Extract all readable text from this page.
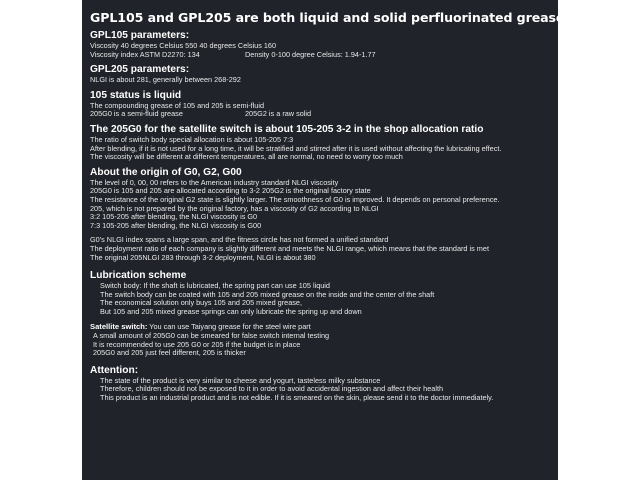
GPL105 and GPL205 are both liquid and solid perfluorinated grease names
GPL105 parameters:
Viscosity 40 degrees Celsius 550 40 degrees Celsius 160
Viscosity index ASTM D2270: 134	Density 0-100 degree Celsius: 1.94-1.77
GPL205 parameters:
NLGI is about 281, generally between 268-292
105 status is liquid
The compounding grease of 105 and 205 is semi-fluid
205G0 is a semi-fluid grease	205G2 is a raw solid
The 205G0 for the satellite switch is about 105-205 3-2 in the shop allocation ratio
The ratio of switch body special allocation is about 105-205 7:3
After blending, if it is not used for a long time, it will be stratified and stirred after it is used without affecting the lubricating effect.
The viscosity will be different at different temperatures, all are normal, no need to worry too much
About the origin of G0, G2, G00
The level of 0, 00, 00 refers to the American industry standard NLGI viscosity
205G0 is 105 and 205 are allocated according to 3-2 205G2 is the original factory state
The resistance of the original G2 state is slightly larger. The smoothness of G0 is improved. It depends on personal preference.
205, which is not prepared by the original factory, has a viscosity of G2 according to NLGI
3:2 105-205 after blending, the NLGI viscosity is G0
7:3 105-205 after blending, the NLGI viscosity is G00
G0's NLGI index spans a large span, and the fitness circle has not formed a unified standard
The deployment ratio of each company is slightly different and meets the NLGI range, which means that the standard is met
The original 205NLGI 283 through 3-2 deployment, NLGI is about 380
Lubrication scheme
Switch body: If the shaft is lubricated, the spring part can use 105 liquid
The switch body can be coated with 105 and 205 mixed grease on the inside and the center of the shaft
The economical solution only buys 105 and 205 mixed grease,
But 105 and 205 mixed grease springs can only lubricate the spring up and down
Satellite switch: You can use Taiyang grease for the steel wire part
A small amount of 205G0 can be smeared for false switch internal testing
It is recommended to use 205 G0 or 205 if the budget is in place
205G0 and 205 just feel different, 205 is thicker
Attention:
The state of the product is very similar to cheese and yogurt, tasteless milky substance
Therefore, children should not be exposed to it in order to avoid accidental ingestion and affect their health
This product is an industrial product and is not edible. If it is smeared on the skin, please send it to the doctor immediately.
